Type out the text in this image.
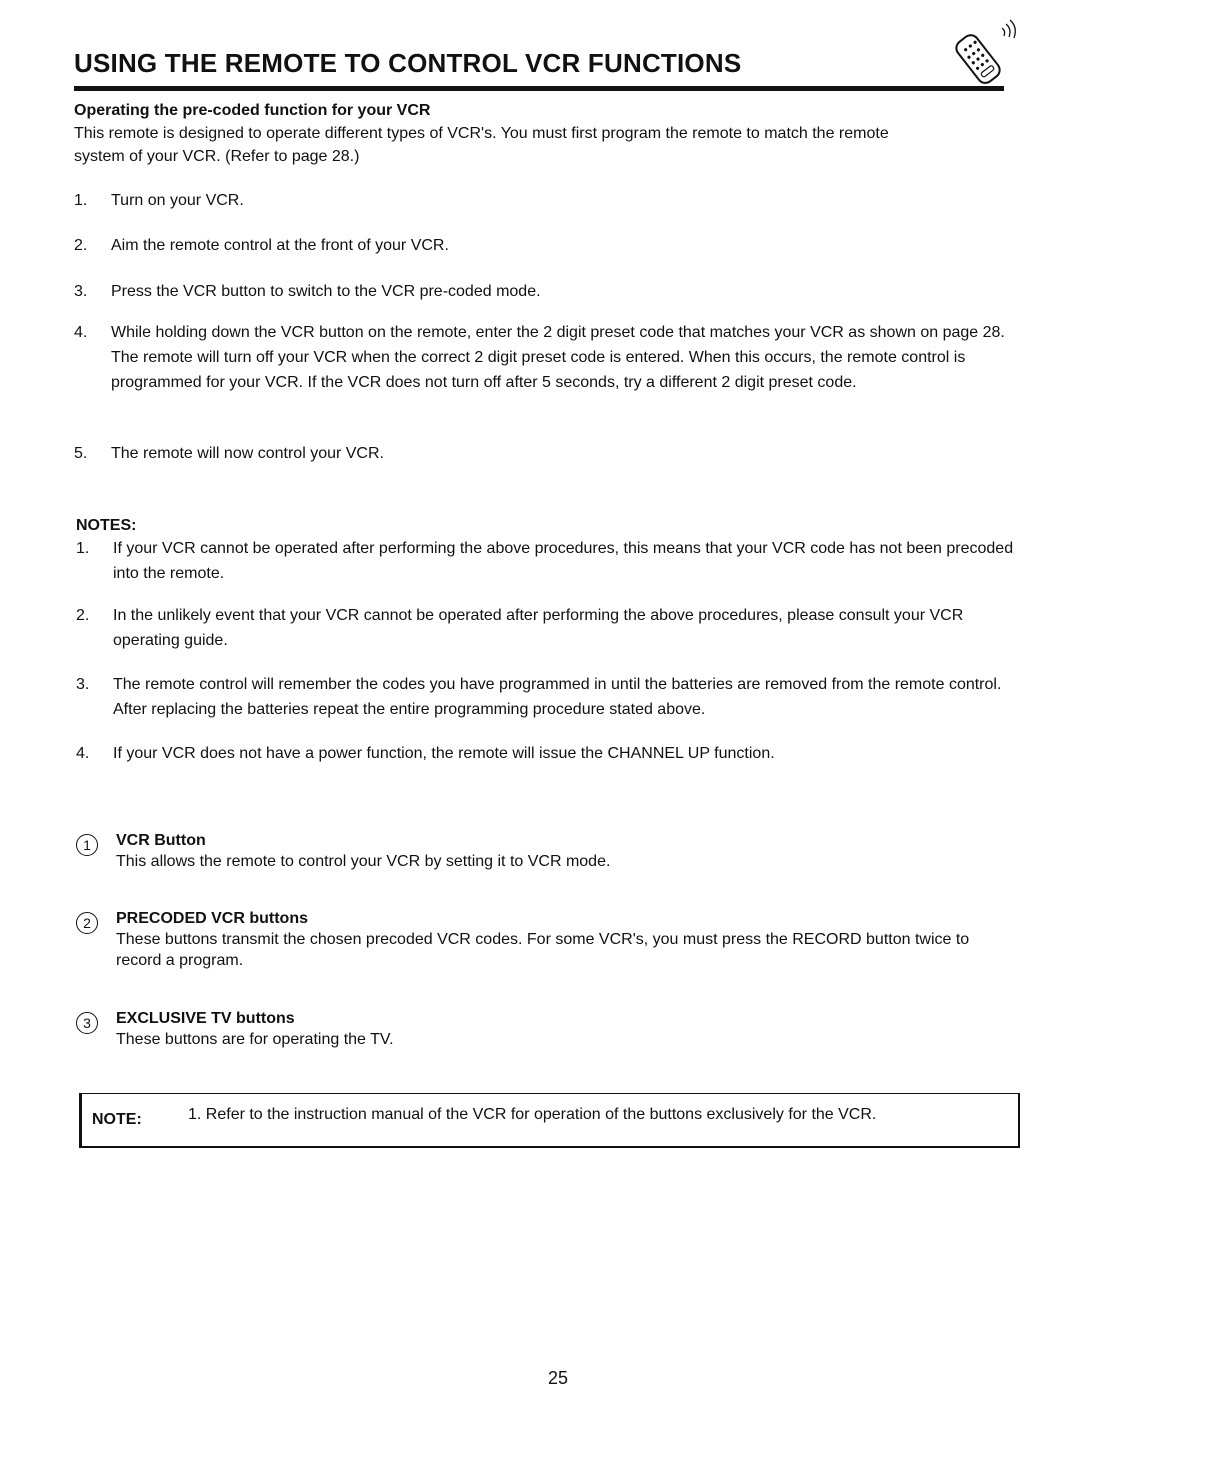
USING THE REMOTE TO CONTROL VCR FUNCTIONS
Operating the pre-coded function for your VCR
This remote is designed to operate different types of VCR's. You must first program the remote to match the remote
system of your VCR. (Refer to page 28.)
1.	Turn on your VCR.
2.	Aim the remote control at the front of your VCR.
3.	Press the VCR button to switch to the VCR pre-coded mode.
4.	While holding down the VCR button on the remote, enter the 2 digit preset code that matches your VCR as shown on page 28. The remote will turn off your VCR when the correct 2 digit preset code is entered. When this occurs, the remote control is programmed for your VCR. If the VCR does not turn off after 5 seconds, try a different 2 digit preset code.
5.	The remote will now control your VCR.
NOTES:
1.	If your VCR cannot be operated after performing the above procedures, this means that your VCR code has not been precoded into the remote.
2.	In the unlikely event that your VCR cannot be operated after performing the above procedures, please consult your VCR operating guide.
3.	The remote control will remember the codes you have programmed in until the batteries are removed from the remote control. After replacing the batteries repeat the entire programming procedure stated above.
4.	If your VCR does not have a power function, the remote will issue the CHANNEL UP function.
1	VCR Button
This allows the remote to control your VCR by setting it to VCR mode.
2	PRECODED VCR buttons
These buttons transmit the chosen precoded VCR codes. For some VCR's, you must press the RECORD button twice to record a program.
3	EXCLUSIVE TV buttons
These buttons are for operating the TV.
NOTE:	1. Refer to the instruction manual of the VCR for operation of the buttons exclusively for the VCR.
25
